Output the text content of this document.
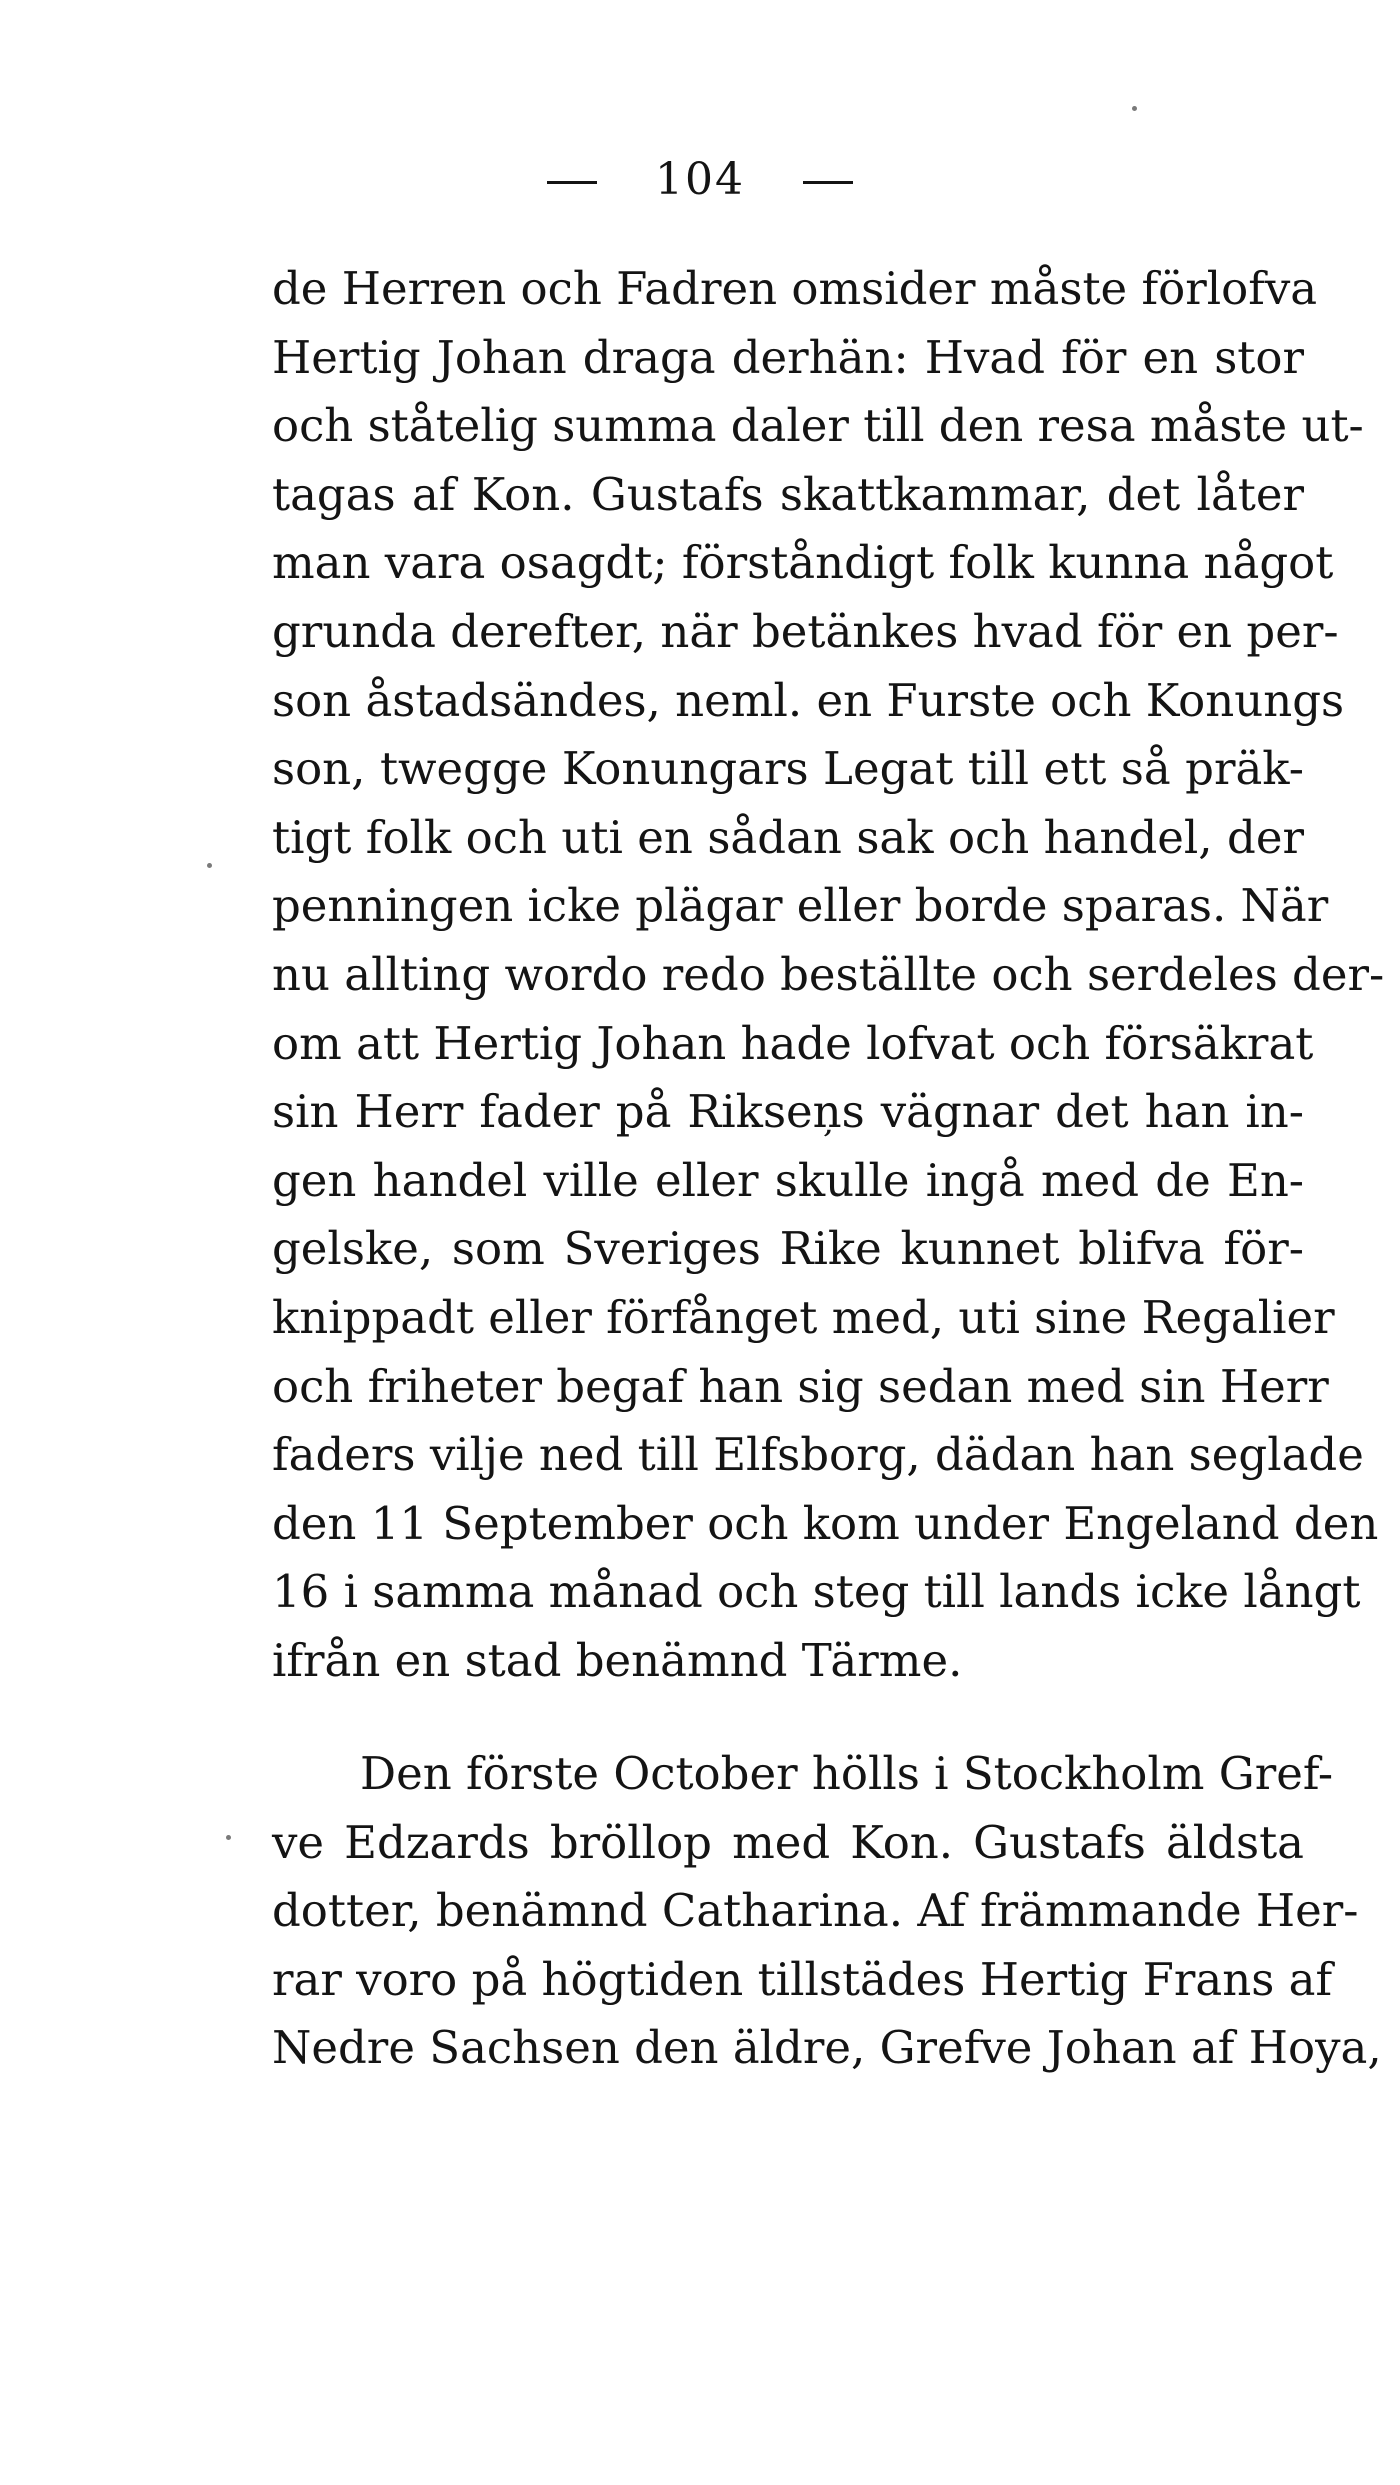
104
de Herren och Fadren omsider måste förlofva
Hertig Johan draga derhän: Hvad för en stor
och ståtelig summa daler till den resa måste ut-
tagas af Kon. Gustafs skattkammar, det låter
man vara osagdt; förståndigt folk kunna något
grunda derefter, när betänkes hvad för en per-
son åstadsändes, neml. en Furste och Konungs
son, twegge Konungars Legat till ett så präk-
tigt folk och uti en sådan sak och handel, der
penningen icke plägar eller borde sparas. När
nu allting wordo redo beställte och serdeles der-
om att Hertig Johan hade lofvat och försäkrat
sin Herr fader på Rikseņs vägnar det han in-
gen handel ville eller skulle ingå med de En-
gelske, som Sveriges Rike kunnet blifva för-
knippadt eller förfånget med, uti sine Regalier
och friheter begaf han sig sedan med sin Herr
faders vilje ned till Elfsborg, dädan han seglade
den 11 September och kom under Engeland den
16 i samma månad och steg till lands icke långt
ifrån en stad benämnd Tärme.
Den förste October hölls i Stockholm Gref-
ve Edzards bröllop med Kon. Gustafs äldsta
dotter, benämnd Catharina. Af främmande Her-
rar voro på högtiden tillstädes Hertig Frans af
Nedre Sachsen den äldre, Grefve Johan af Hoya,
